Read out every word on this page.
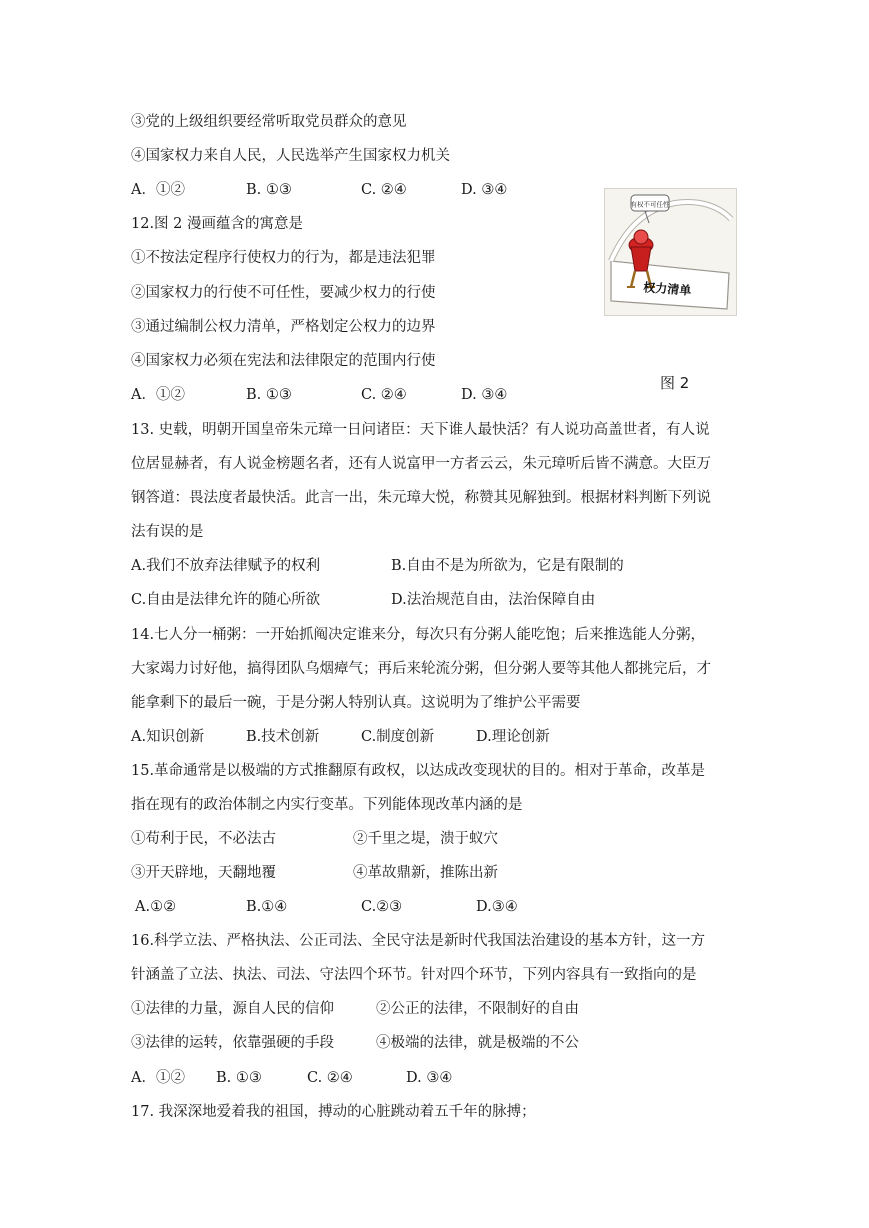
③党的上级组织要经常听取党员群众的意见
④国家权力来自人民，人民选举产生国家权力机关
A．①②	B. ①③	C. ②④	D. ③④
12.图 2 漫画蕴含的寓意是
①不按法定程序行使权力的行为，都是违法犯罪
②国家权力的行使不可任性，要减少权力的行使
③通过编制公权力清单，严格划定公权力的边界
④国家权力必须在宪法和法律限定的范围内行使
A．①②	B. ①③	C. ②④	D. ③④
有权不可任性
权力清单
图 2
13. 史载，明朝开国皇帝朱元璋一日问诸臣：天下谁人最快活？有人说功高盖世者，有人说
位居显赫者，有人说金榜题名者，还有人说富甲一方者云云，朱元璋听后皆不满意。大臣万
钢答道：畏法度者最快活。此言一出，朱元璋大悦，称赞其见解独到。根据材料判断下列说
法有误的是
A.我们不放弃法律赋予的权利	B.自由不是为所欲为，它是有限制的
C.自由是法律允许的随心所欲	D.法治规范自由，法治保障自由
14.七人分一桶粥：一开始抓阄决定谁来分，每次只有分粥人能吃饱；后来推选能人分粥，
大家竭力讨好他，搞得团队乌烟瘴气；再后来轮流分粥，但分粥人要等其他人都挑完后，才
能拿剩下的最后一碗，于是分粥人特别认真。这说明为了维护公平需要
A.知识创新	B.技术创新	C.制度创新	D.理论创新
15.革命通常是以极端的方式推翻原有政权，以达成改变现状的目的。相对于革命，改革是
指在现有的政治体制之内实行变革。下列能体现改革内涵的是
①苟利于民，不必法古	②千里之堤，溃于蚁穴
③开天辟地，天翻地覆	④革故鼎新，推陈出新
A.①②	B.①④	C.②③	D.③④
16.科学立法、严格执法、公正司法、全民守法是新时代我国法治建设的基本方针，这一方
针涵盖了立法、执法、司法、守法四个环节。针对四个环节，下列内容具有一致指向的是
①法律的力量，源自人民的信仰	②公正的法律，不限制好的自由
③法律的运转，依靠强硬的手段	④极端的法律，就是极端的不公
A．①② B. ①③	C. ②④	D. ③④
17. 我深深地爱着我的祖国，搏动的心脏跳动着五千年的脉搏；
